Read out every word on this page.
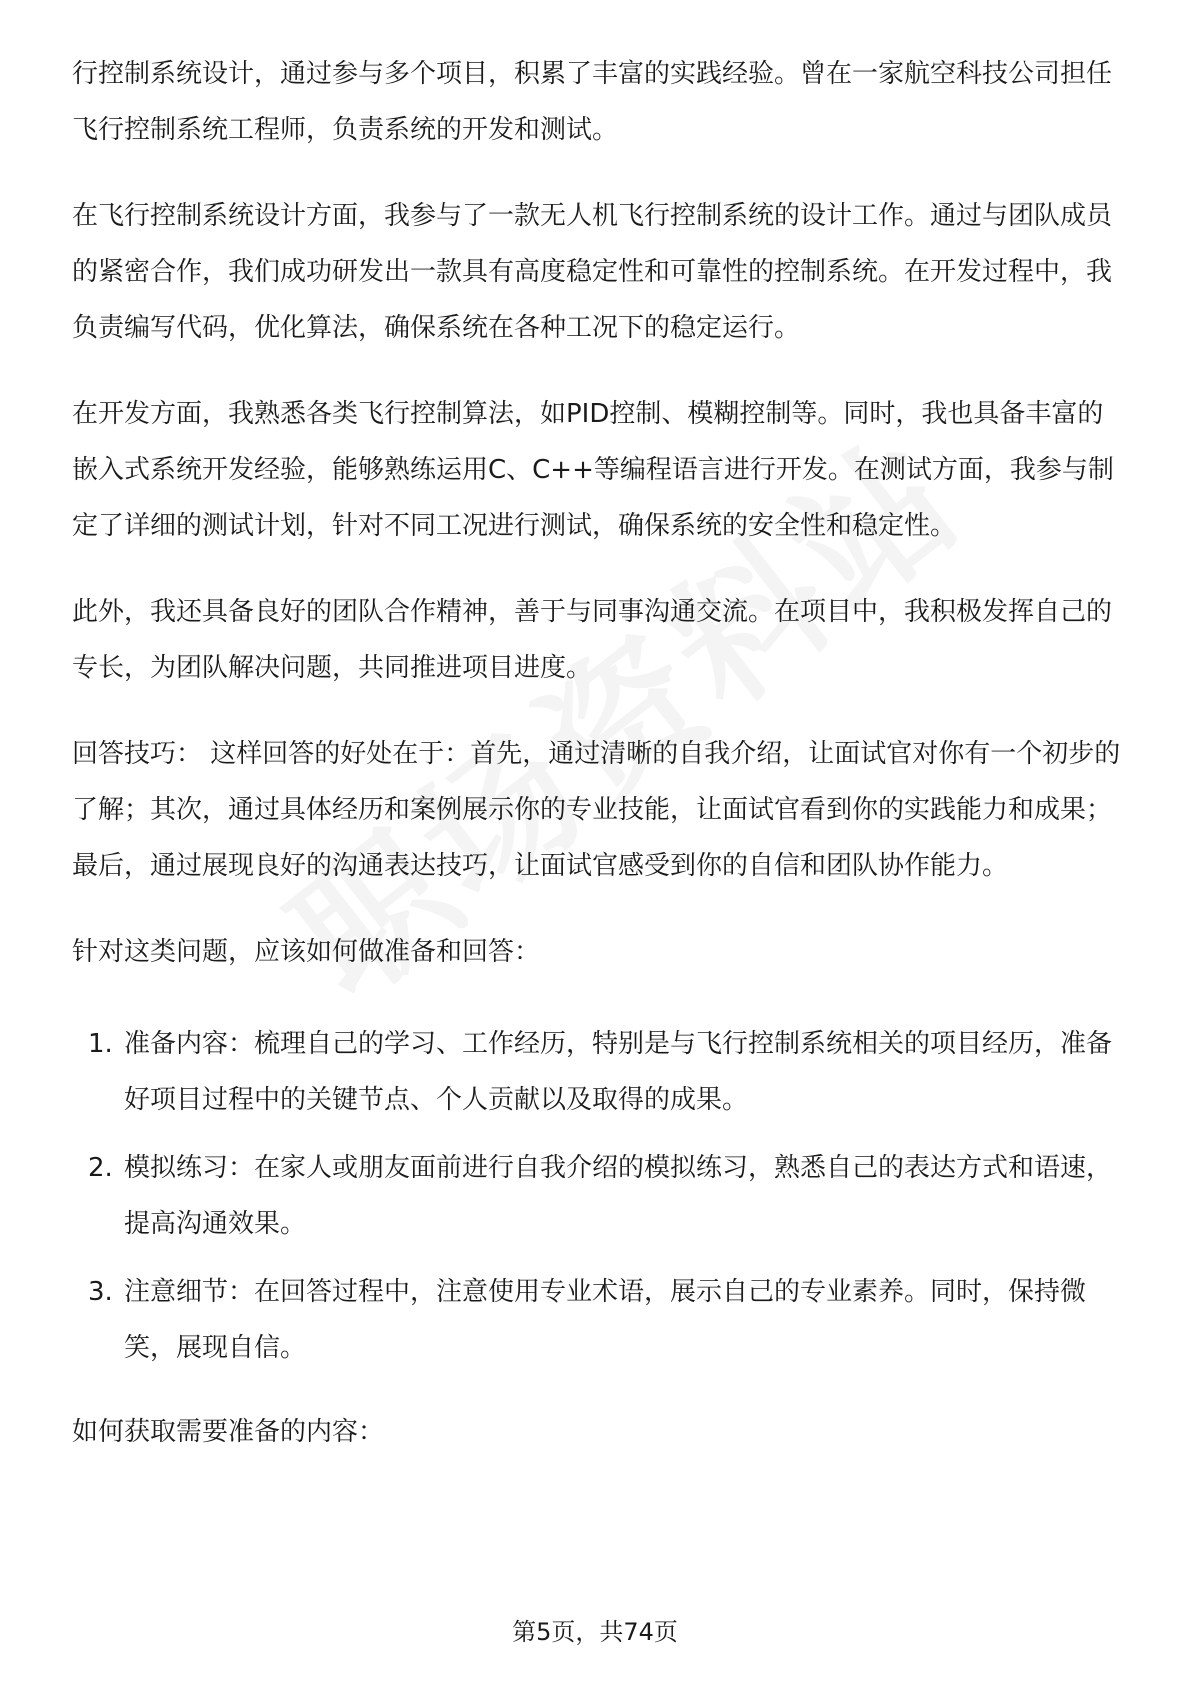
行控制系统设计，通过参与多个项目，积累了丰富的实践经验。曾在一家航空科技公司担任飞行控制系统工程师，负责系统的开发和测试。

在飞行控制系统设计方面，我参与了一款无人机飞行控制系统的设计工作。通过与团队成员的紧密合作，我们成功研发出一款具有高度稳定性和可靠性的控制系统。在开发过程中，我负责编写代码，优化算法，确保系统在各种工况下的稳定运行。

在开发方面，我熟悉各类飞行控制算法，如PID控制、模糊控制等。同时，我也具备丰富的嵌入式系统开发经验，能够熟练运用C、C++等编程语言进行开发。在测试方面，我参与制定了详细的测试计划，针对不同工况进行测试，确保系统的安全性和稳定性。

此外，我还具备良好的团队合作精神，善于与同事沟通交流。在项目中，我积极发挥自己的专长，为团队解决问题，共同推进项目进度。

回答技巧： 这样回答的好处在于：首先，通过清晰的自我介绍，让面试官对你有一个初步的了解；其次，通过具体经历和案例展示你的专业技能，让面试官看到你的实践能力和成果；最后，通过展现良好的沟通表达技巧，让面试官感受到你的自信和团队协作能力。

针对这类问题，应该如何做准备和回答：

1. 准备内容：梳理自己的学习、工作经历，特别是与飞行控制系统相关的项目经历，准备好项目过程中的关键节点、个人贡献以及取得的成果。
2. 模拟练习：在家人或朋友面前进行自我介绍的模拟练习，熟悉自己的表达方式和语速，提高沟通效果。
3. 注意细节：在回答过程中，注意使用专业术语，展示自己的专业素养。同时，保持微笑，展现自信。

如何获取需要准备的内容：

第5页，共74页
